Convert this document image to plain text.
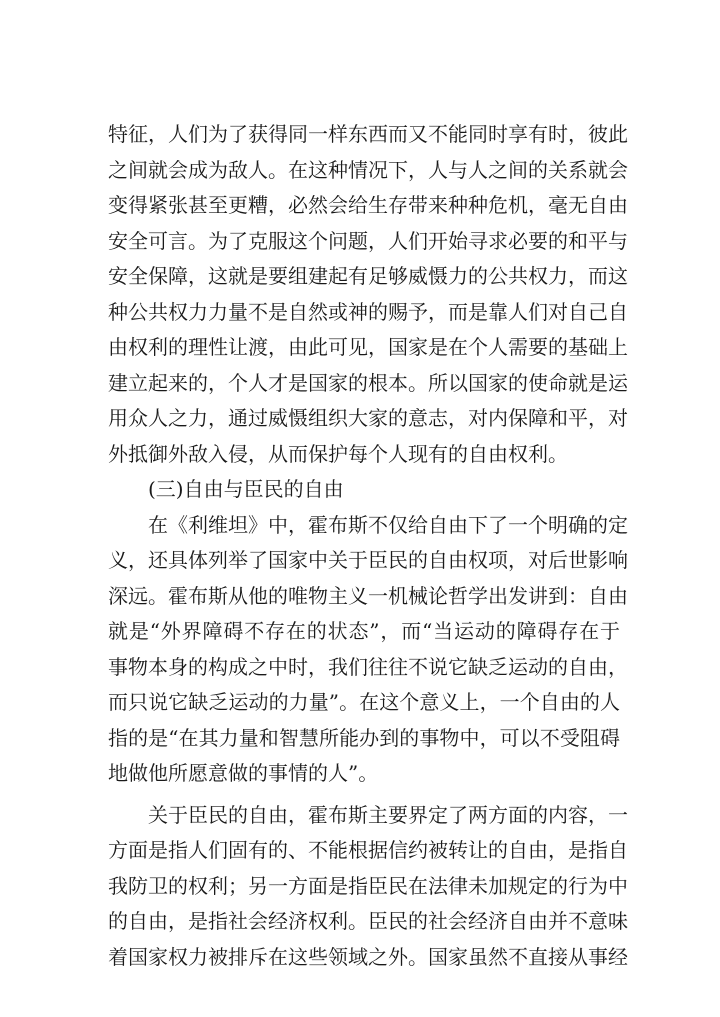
特征，人们为了获得同一样东西而又不能同时享有时，彼此
之间就会成为敌人。在这种情况下，人与人之间的关系就会
变得紧张甚至更糟，必然会给生存带来种种危机，毫无自由
安全可言。为了克服这个问题，人们开始寻求必要的和平与
安全保障，这就是要组建起有足够威慑力的公共权力，而这
种公共权力力量不是自然或神的赐予，而是靠人们对自己自
由权利的理性让渡，由此可见，国家是在个人需要的基础上
建立起来的，个人才是国家的根本。所以国家的使命就是运
用众人之力，通过威慑组织大家的意志，对内保障和平，对
外抵御外敌入侵，从而保护每个人现有的自由权利。
(三)自由与臣民的自由
在《利维坦》中，霍布斯不仅给自由下了一个明确的定
义，还具体列举了国家中关于臣民的自由权项，对后世影响
深远。霍布斯从他的唯物主义一机械论哲学出发讲到：自由
就是“外界障碍不存在的状态”，而“当运动的障碍存在于
事物本身的构成之中时，我们往往不说它缺乏运动的自由，
而只说它缺乏运动的力量”。在这个意义上，一个自由的人
指的是“在其力量和智慧所能办到的事物中，可以不受阻碍
地做他所愿意做的事情的人”。
关于臣民的自由，霍布斯主要界定了两方面的内容，一
方面是指人们固有的、不能根据信约被转让的自由，是指自
我防卫的权利；另一方面是指臣民在法律未加规定的行为中
的自由，是指社会经济权利。臣民的社会经济自由并不意味
着国家权力被排斥在这些领域之外。国家虽然不直接从事经
